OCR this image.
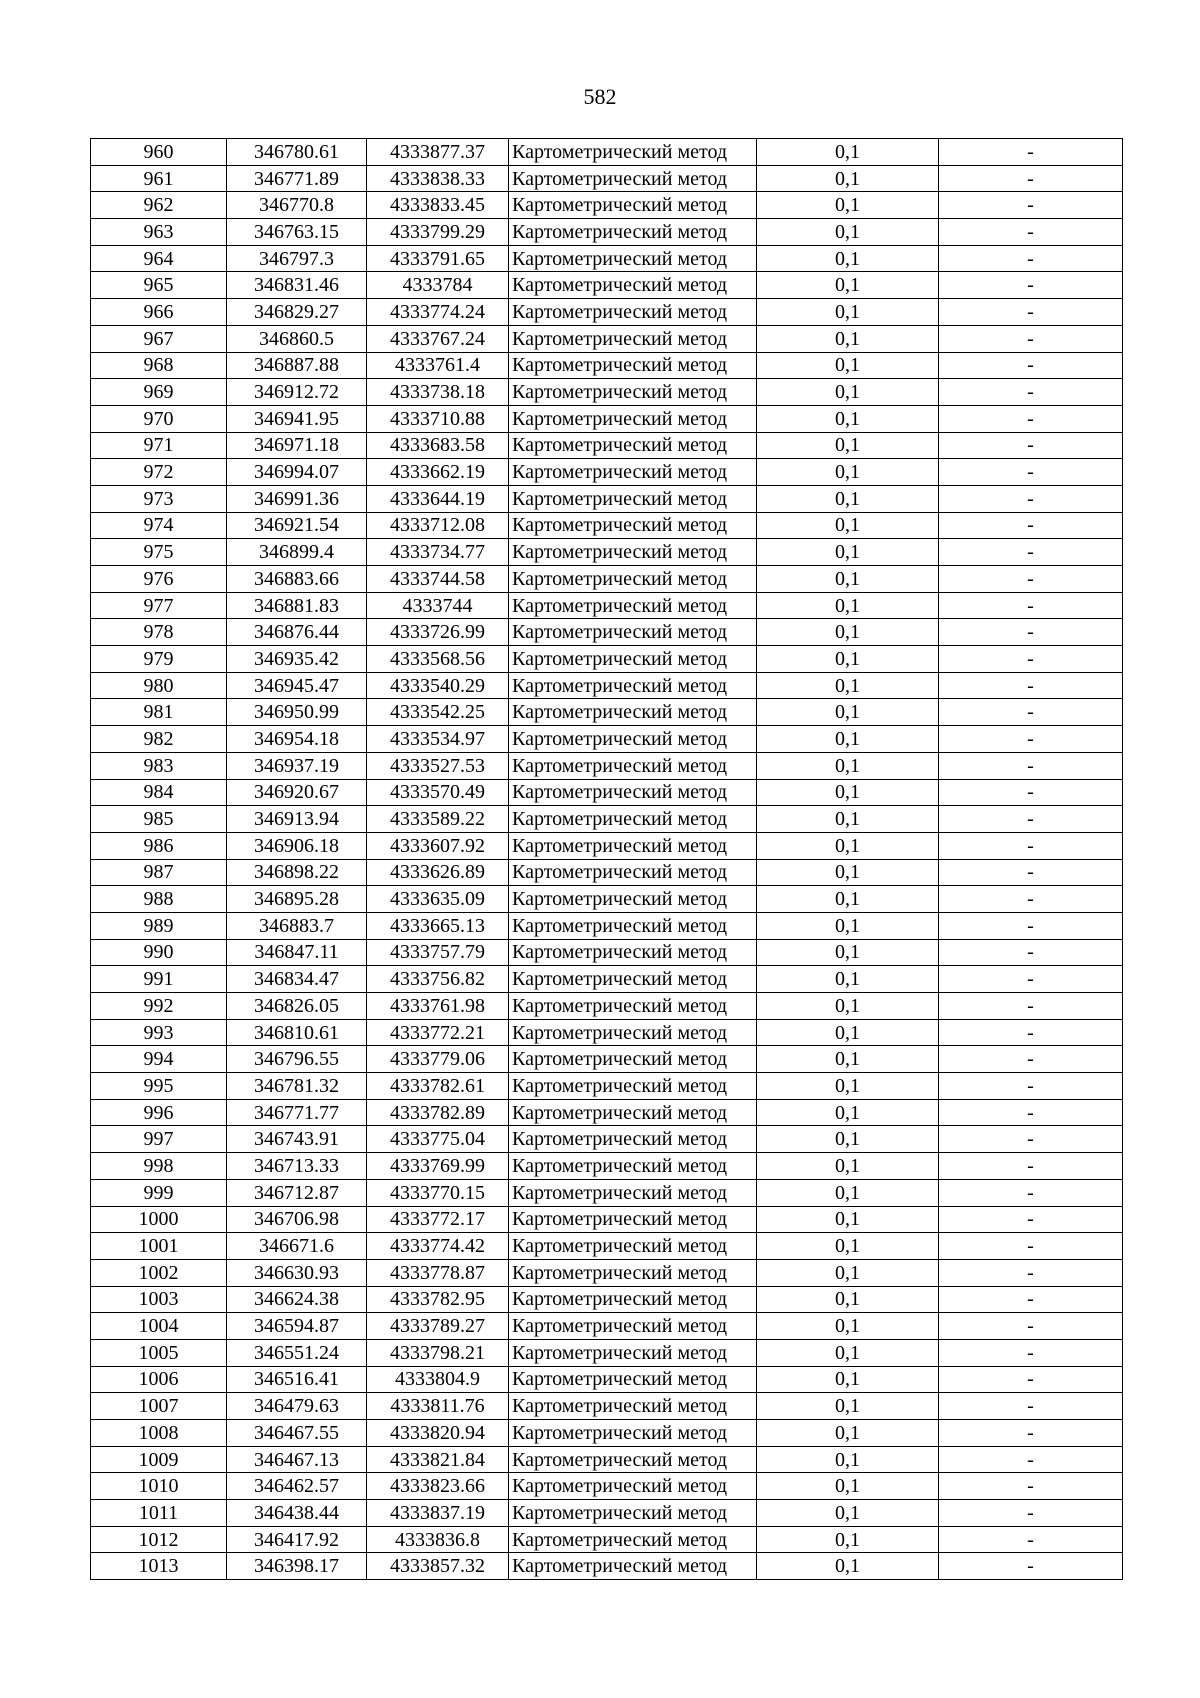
582
960	346780.61	4333877.37	Картометрический метод	0,1	-
961	346771.89	4333838.33	Картометрический метод	0,1	-
962	346770.8	4333833.45	Картометрический метод	0,1	-
963	346763.15	4333799.29	Картометрический метод	0,1	-
964	346797.3	4333791.65	Картометрический метод	0,1	-
965	346831.46	4333784	Картометрический метод	0,1	-
966	346829.27	4333774.24	Картометрический метод	0,1	-
967	346860.5	4333767.24	Картометрический метод	0,1	-
968	346887.88	4333761.4	Картометрический метод	0,1	-
969	346912.72	4333738.18	Картометрический метод	0,1	-
970	346941.95	4333710.88	Картометрический метод	0,1	-
971	346971.18	4333683.58	Картометрический метод	0,1	-
972	346994.07	4333662.19	Картометрический метод	0,1	-
973	346991.36	4333644.19	Картометрический метод	0,1	-
974	346921.54	4333712.08	Картометрический метод	0,1	-
975	346899.4	4333734.77	Картометрический метод	0,1	-
976	346883.66	4333744.58	Картометрический метод	0,1	-
977	346881.83	4333744	Картометрический метод	0,1	-
978	346876.44	4333726.99	Картометрический метод	0,1	-
979	346935.42	4333568.56	Картометрический метод	0,1	-
980	346945.47	4333540.29	Картометрический метод	0,1	-
981	346950.99	4333542.25	Картометрический метод	0,1	-
982	346954.18	4333534.97	Картометрический метод	0,1	-
983	346937.19	4333527.53	Картометрический метод	0,1	-
984	346920.67	4333570.49	Картометрический метод	0,1	-
985	346913.94	4333589.22	Картометрический метод	0,1	-
986	346906.18	4333607.92	Картометрический метод	0,1	-
987	346898.22	4333626.89	Картометрический метод	0,1	-
988	346895.28	4333635.09	Картометрический метод	0,1	-
989	346883.7	4333665.13	Картометрический метод	0,1	-
990	346847.11	4333757.79	Картометрический метод	0,1	-
991	346834.47	4333756.82	Картометрический метод	0,1	-
992	346826.05	4333761.98	Картометрический метод	0,1	-
993	346810.61	4333772.21	Картометрический метод	0,1	-
994	346796.55	4333779.06	Картометрический метод	0,1	-
995	346781.32	4333782.61	Картометрический метод	0,1	-
996	346771.77	4333782.89	Картометрический метод	0,1	-
997	346743.91	4333775.04	Картометрический метод	0,1	-
998	346713.33	4333769.99	Картометрический метод	0,1	-
999	346712.87	4333770.15	Картометрический метод	0,1	-
1000	346706.98	4333772.17	Картометрический метод	0,1	-
1001	346671.6	4333774.42	Картометрический метод	0,1	-
1002	346630.93	4333778.87	Картометрический метод	0,1	-
1003	346624.38	4333782.95	Картометрический метод	0,1	-
1004	346594.87	4333789.27	Картометрический метод	0,1	-
1005	346551.24	4333798.21	Картометрический метод	0,1	-
1006	346516.41	4333804.9	Картометрический метод	0,1	-
1007	346479.63	4333811.76	Картометрический метод	0,1	-
1008	346467.55	4333820.94	Картометрический метод	0,1	-
1009	346467.13	4333821.84	Картометрический метод	0,1	-
1010	346462.57	4333823.66	Картометрический метод	0,1	-
1011	346438.44	4333837.19	Картометрический метод	0,1	-
1012	346417.92	4333836.8	Картометрический метод	0,1	-
1013	346398.17	4333857.32	Картометрический метод	0,1	-
